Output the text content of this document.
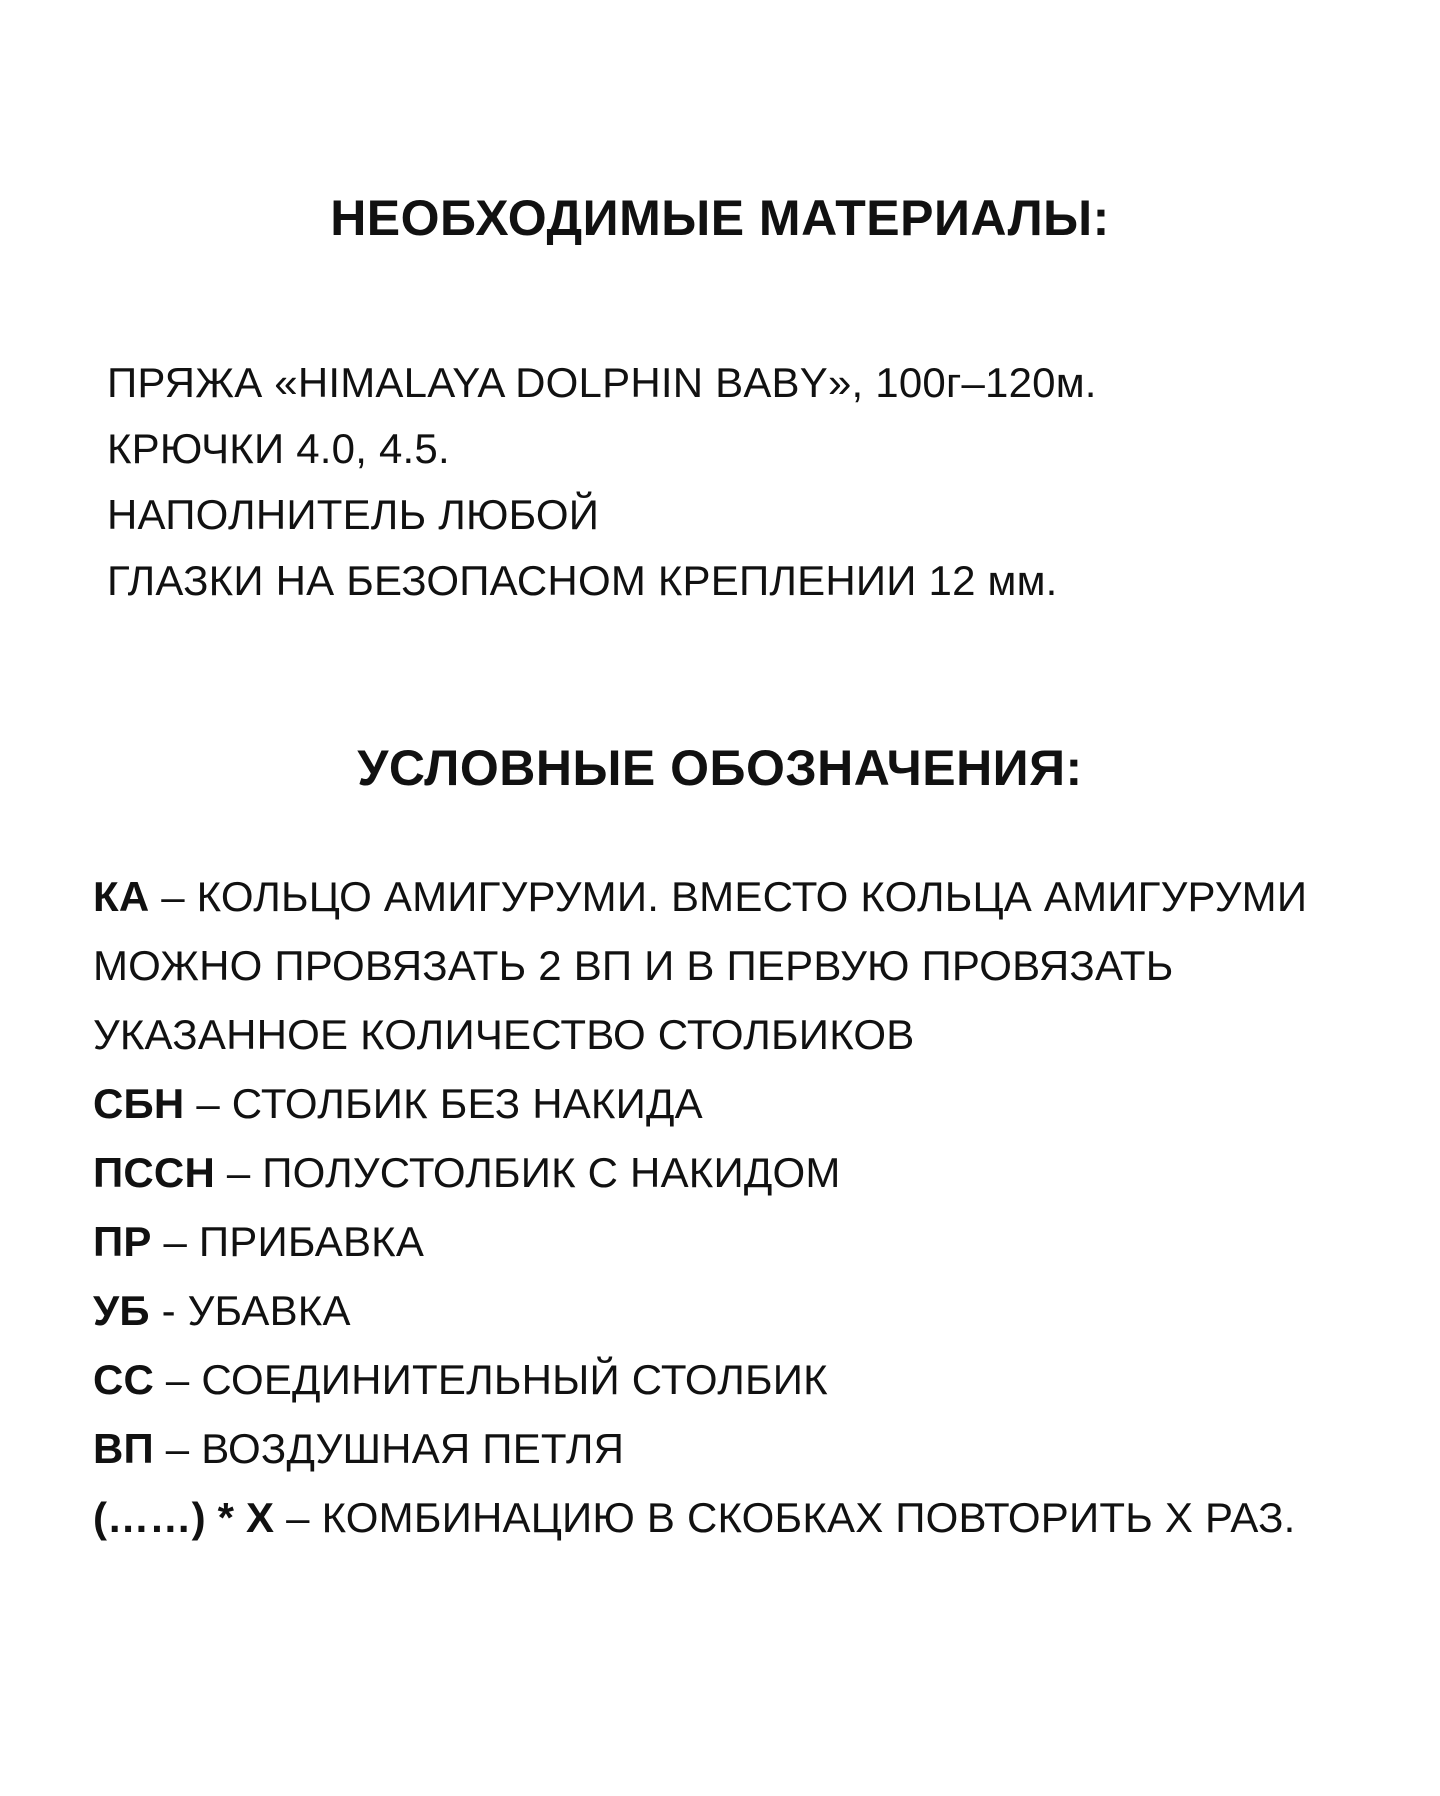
НЕОБХОДИМЫЕ МАТЕРИАЛЫ:
ПРЯЖА «HIMALAYA DOLPHIN BABY», 100г–120м.
КРЮЧКИ 4.0, 4.5.
НАПОЛНИТЕЛЬ ЛЮБОЙ
ГЛАЗКИ НА БЕЗОПАСНОМ КРЕПЛЕНИИ 12 мм.
УСЛОВНЫЕ ОБОЗНАЧЕНИЯ:
КА – КОЛЬЦО АМИГУРУМИ. ВМЕСТО КОЛЬЦА АМИГУРУМИ
МОЖНО ПРОВЯЗАТЬ 2 ВП И В ПЕРВУЮ ПРОВЯЗАТЬ
УКАЗАННОЕ КОЛИЧЕСТВО СТОЛБИКОВ
СБН – СТОЛБИК БЕЗ НАКИДА
ПССН – ПОЛУСТОЛБИК С НАКИДОМ
ПР – ПРИБАВКА
УБ - УБАВКА
СС – СОЕДИНИТЕЛЬНЫЙ СТОЛБИК
ВП – ВОЗДУШНАЯ ПЕТЛЯ
(……) * X – КОМБИНАЦИЮ В СКОБКАХ ПОВТОРИТЬ X РАЗ.
